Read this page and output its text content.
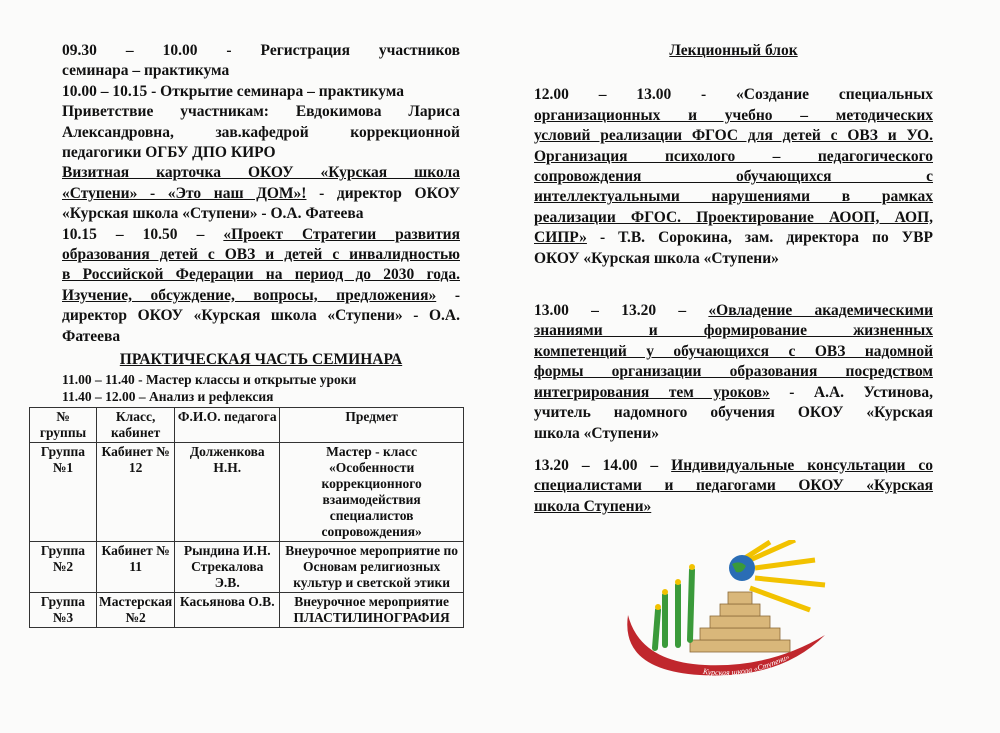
09.30 – 10.00 - Регистрация участников

семинара – практикума

10.00 – 10.15 - Открытие семинара – практикума

Приветствие участникам: Евдокимова Лариса

Александровна, зав.кафедрой коррекционной

педагогики ОГБУ ДПО КИРО

Визитная карточка ОКОУ «Курская школа

«Ступени» - «Это наш ДОМ»! - директор ОКОУ

«Курская школа «Ступени» - О.А. Фатеева

10.15 – 10.50 – «Проект Стратегии развития

образования детей с ОВЗ и детей с инвалидностью

в Российской Федерации на период до 2030 года.

Изучение, обсуждение, вопросы, предложения» -

директор ОКОУ «Курская школа «Ступени» - О.А.

Фатеева

ПРАКТИЧЕСКАЯ ЧАСТЬ СЕМИНАРА

11.00 – 11.40 - Мастер классы и открытые уроки

11.40 – 12.00 – Анализ и рефлексия

№ группы	Класс, кабинет	Ф.И.О. педагога	Предмет
Группа №1	Кабинет № 12	Долженкова Н.Н.	Мастер - класс «Особенности коррекционного взаимодействия специалистов сопровождения»
Группа №2	Кабинет № 11	Рындина И.Н. Стрекалова Э.В.	Внеурочное мероприятие по Основам религиозных культур и светской этики
Группа №3	Мастерская №2	Касьянова О.В.	Внеурочное мероприятие ПЛАСТИЛИНОГРАФИЯ

Лекционный блок

12.00 – 13.00 - «Создание специальных

организационных и учебно – методических

условий реализации ФГОС для детей с ОВЗ и УО.

Организация психолого – педагогического

сопровождения обучающихся с

интеллектуальными нарушениями в рамках

реализации ФГОС. Проектирование АООП, АОП,

СИПР» - Т.В. Сорокина, зам. директора по УВР

ОКОУ «Курская школа «Ступени»

13.00 – 13.20 – «Овладение академическими

знаниями и формирование жизненных

компетенций у обучающихся с ОВЗ надомной

формы организации образования посредством

интегрирования тем уроков» - А.А. Устинова,

учитель надомного обучения ОКОУ «Курская

школа «Ступени»

13.20 – 14.00 – Индивидуальные консультации со

специалистами и педагогами ОКОУ «Курская

школа Ступени»

Курская школа «Ступени»
